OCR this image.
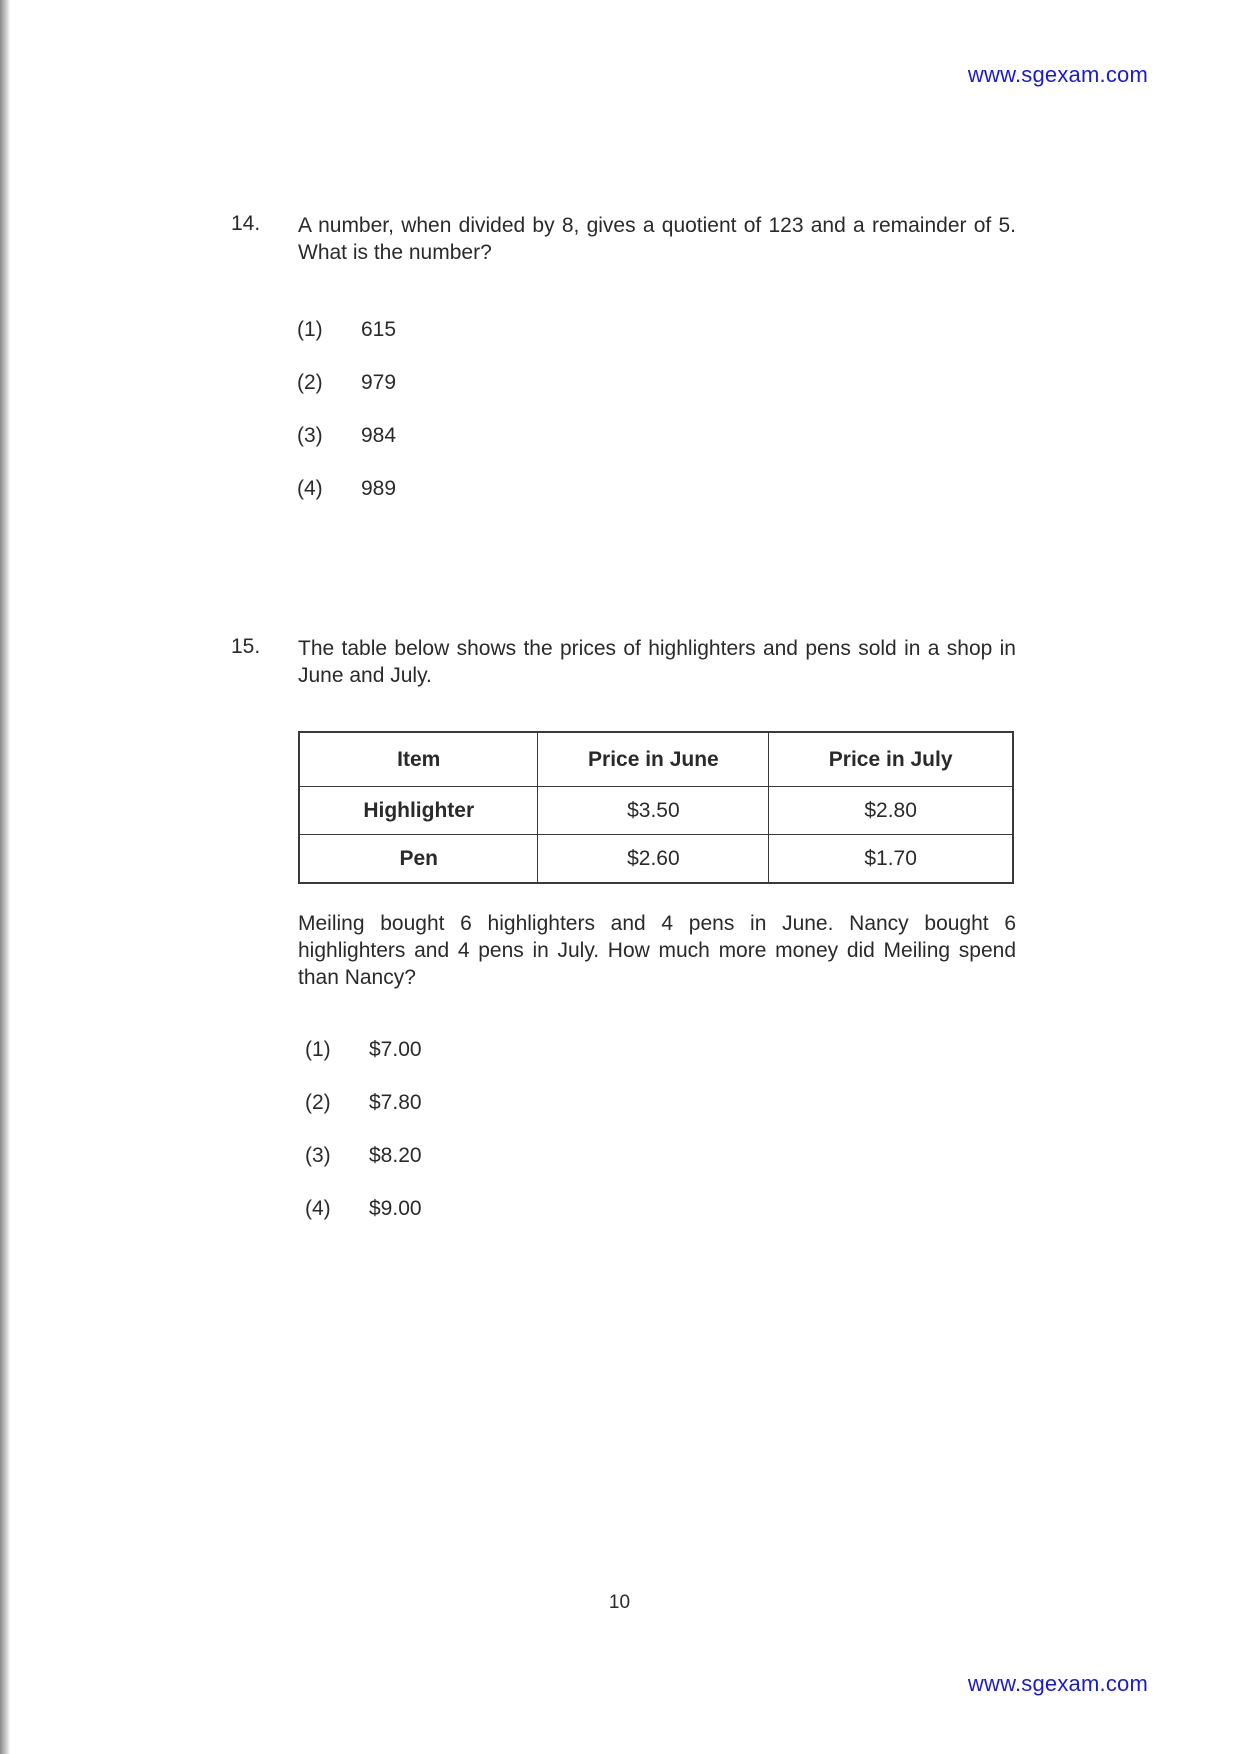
www.sgexam.com
14. A number, when divided by 8, gives a quotient of 123 and a remainder of 5. What is the number?
(1)	615
(2)	979
(3)	984
(4)	989
15. The table below shows the prices of highlighters and pens sold in a shop in June and July.
Item	Price in June	Price in July
Highlighter	$3.50	$2.80
Pen	$2.60	$1.70
Meiling bought 6 highlighters and 4 pens in June. Nancy bought 6 highlighters and 4 pens in July. How much more money did Meiling spend than Nancy?
(1)	$7.00
(2)	$7.80
(3)	$8.20
(4)	$9.00
10
www.sgexam.com
